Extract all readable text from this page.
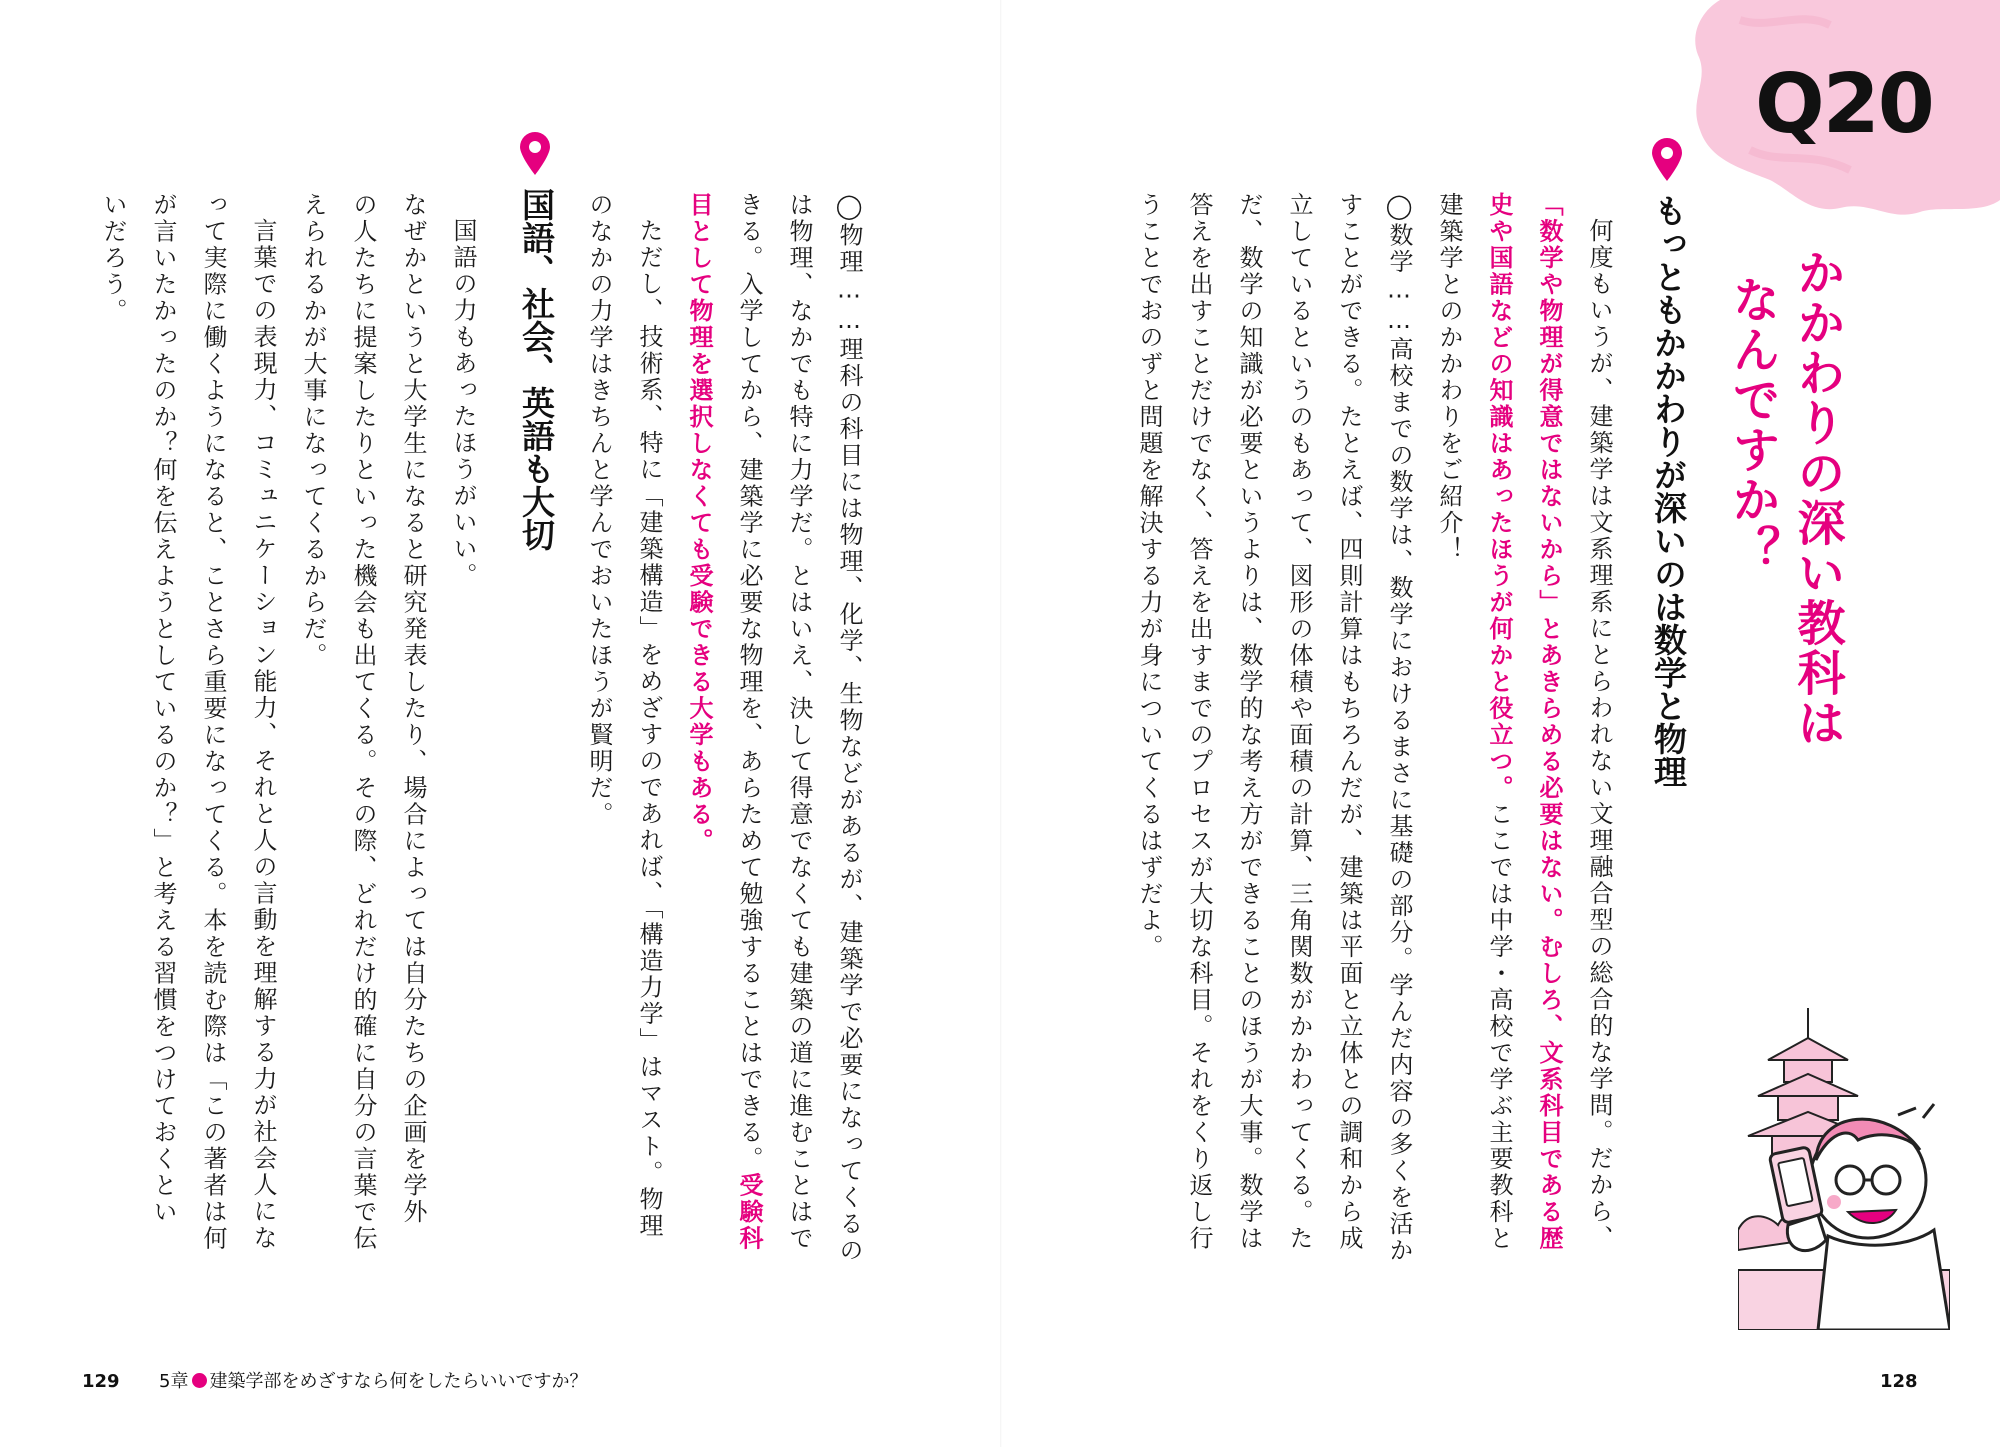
Q20
かかわりの深い教科は
なんですか？
もっともかかわりが深いのは数学と物理
何度もいうが、建築学は文系理系にとらわれない文理融合型の総合的な学問。だから、
「数学や物理が得意ではないから」とあきらめる必要はない。むしろ、文系科目である歴
史や国語などの知識はあったほうが何かと役立つ。ここでは中学・高校で学ぶ主要教科と
建築学とのかかわりをご紹介！
◯数学……高校までの数学は、数学におけるまさに基礎の部分。学んだ内容の多くを活か
すことができる。たとえば、四則計算はもちろんだが、建築は平面と立体との調和から成
立しているというのもあって、図形の体積や面積の計算、三角関数がかかわってくる。た
だ、数学の知識が必要というよりは、数学的な考え方ができることのほうが大事。数学は
答えを出すことだけでなく、答えを出すまでのプロセスが大切な科目。それをくり返し行
うことでおのずと問題を解決する力が身についてくるはずだよ。
128
◯物理……理科の科目には物理、化学、生物などがあるが、建築学で必要になってくるの
は物理、なかでも特に力学だ。とはいえ、決して得意でなくても建築の道に進むことはで
きる。入学してから、建築学に必要な物理を、あらためて勉強することはできる。受験科
目として物理を選択しなくても受験できる大学もある。
ただし、技術系、特に「建築構造」をめざすのであれば、「構造力学」はマスト。物理
のなかの力学はきちんと学んでおいたほうが賢明だ。
国語、社会、英語も大切
国語の力もあったほうがいい。
なぜかというと大学生になると研究発表したり、場合によっては自分たちの企画を学外
の人たちに提案したりといった機会も出てくる。その際、どれだけ的確に自分の言葉で伝
えられるかが大事になってくるからだ。
言葉での表現力、コミュニケーション能力、それと人の言動を理解する力が社会人にな
って実際に働くようになると、ことさら重要になってくる。本を読む際は「この著者は何
が言いたかったのか？何を伝えようとしているのか？」と考える習慣をつけておくとい
いだろう。
129 5章 建築学部をめざすなら何をしたらいいですか？
